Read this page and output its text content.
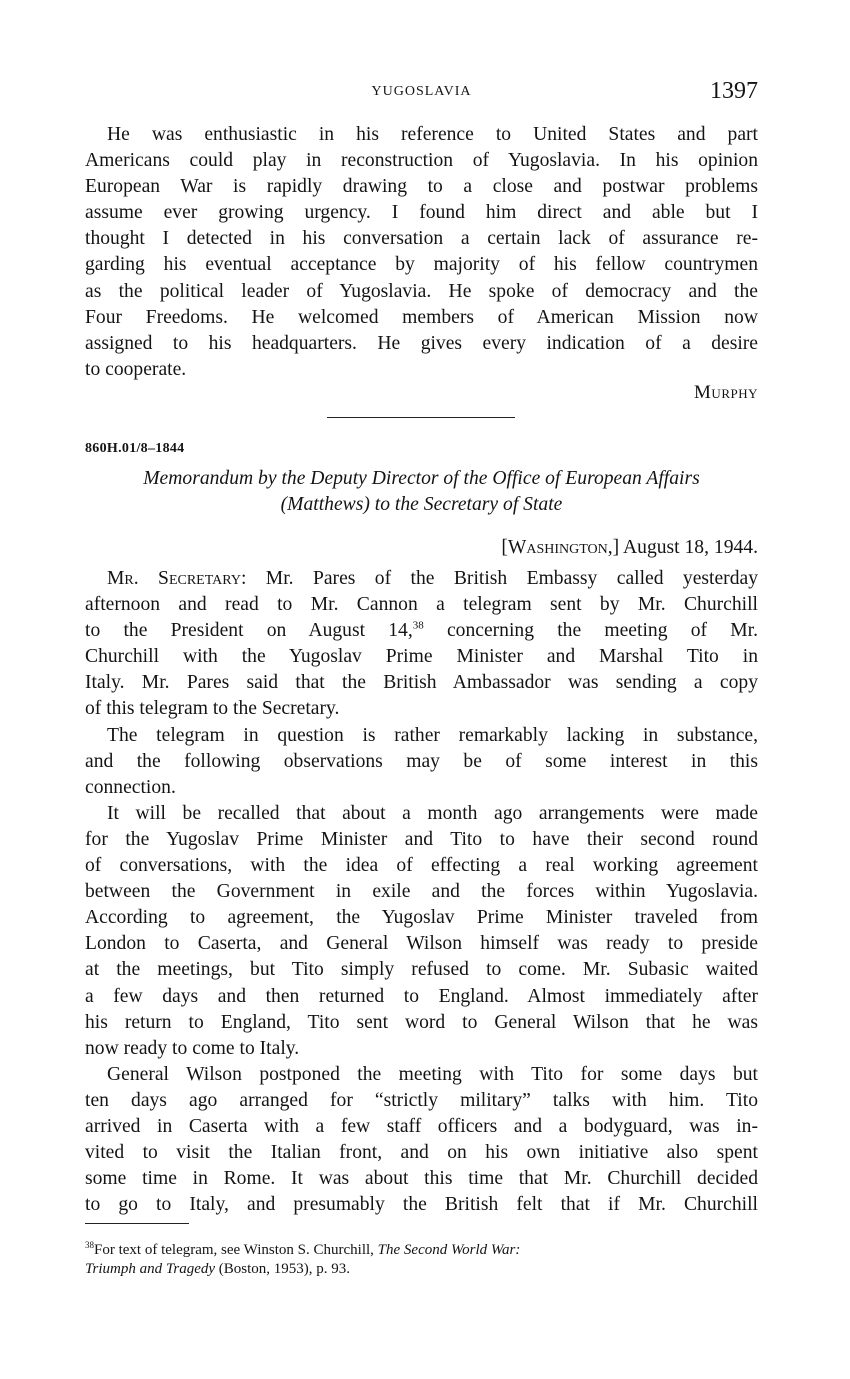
YUGOSLAVIA	1397
He was enthusiastic in his reference to United States and part
Americans could play in reconstruction of Yugoslavia. In his opinion
European War is rapidly drawing to a close and postwar problems
assume ever growing urgency. I found him direct and able but I
thought I detected in his conversation a certain lack of assurance re-
garding his eventual acceptance by majority of his fellow countrymen
as the political leader of Yugoslavia. He spoke of democracy and the
Four Freedoms. He welcomed members of American Mission now
assigned to his headquarters. He gives every indication of a desire
to cooperate.
Murphy
860H.01/8–1844
Memorandum by the Deputy Director of the Office of European Affairs
(Matthews) to the Secretary of State
[Washington,] August 18, 1944.
Mr. Secretary: Mr. Pares of the British Embassy called yesterday
afternoon and read to Mr. Cannon a telegram sent by Mr. Churchill
to the President on August 14,38 concerning the meeting of Mr.
Churchill with the Yugoslav Prime Minister and Marshal Tito in
Italy. Mr. Pares said that the British Ambassador was sending a copy
of this telegram to the Secretary.
The telegram in question is rather remarkably lacking in substance,
and the following observations may be of some interest in this
connection.
It will be recalled that about a month ago arrangements were made
for the Yugoslav Prime Minister and Tito to have their second round
of conversations, with the idea of effecting a real working agreement
between the Government in exile and the forces within Yugoslavia.
According to agreement, the Yugoslav Prime Minister traveled from
London to Caserta, and General Wilson himself was ready to preside
at the meetings, but Tito simply refused to come. Mr. Subasic waited
a few days and then returned to England. Almost immediately after
his return to England, Tito sent word to General Wilson that he was
now ready to come to Italy.
General Wilson postponed the meeting with Tito for some days but
ten days ago arranged for “strictly military” talks with him. Tito
arrived in Caserta with a few staff officers and a bodyguard, was in-
vited to visit the Italian front, and on his own initiative also spent
some time in Rome. It was about this time that Mr. Churchill decided
to go to Italy, and presumably the British felt that if Mr. Churchill
$^{38}$For text of telegram, see Winston S. Churchill, The Second World War:
Triumph and Tragedy (Boston, 1953), p. 93.
